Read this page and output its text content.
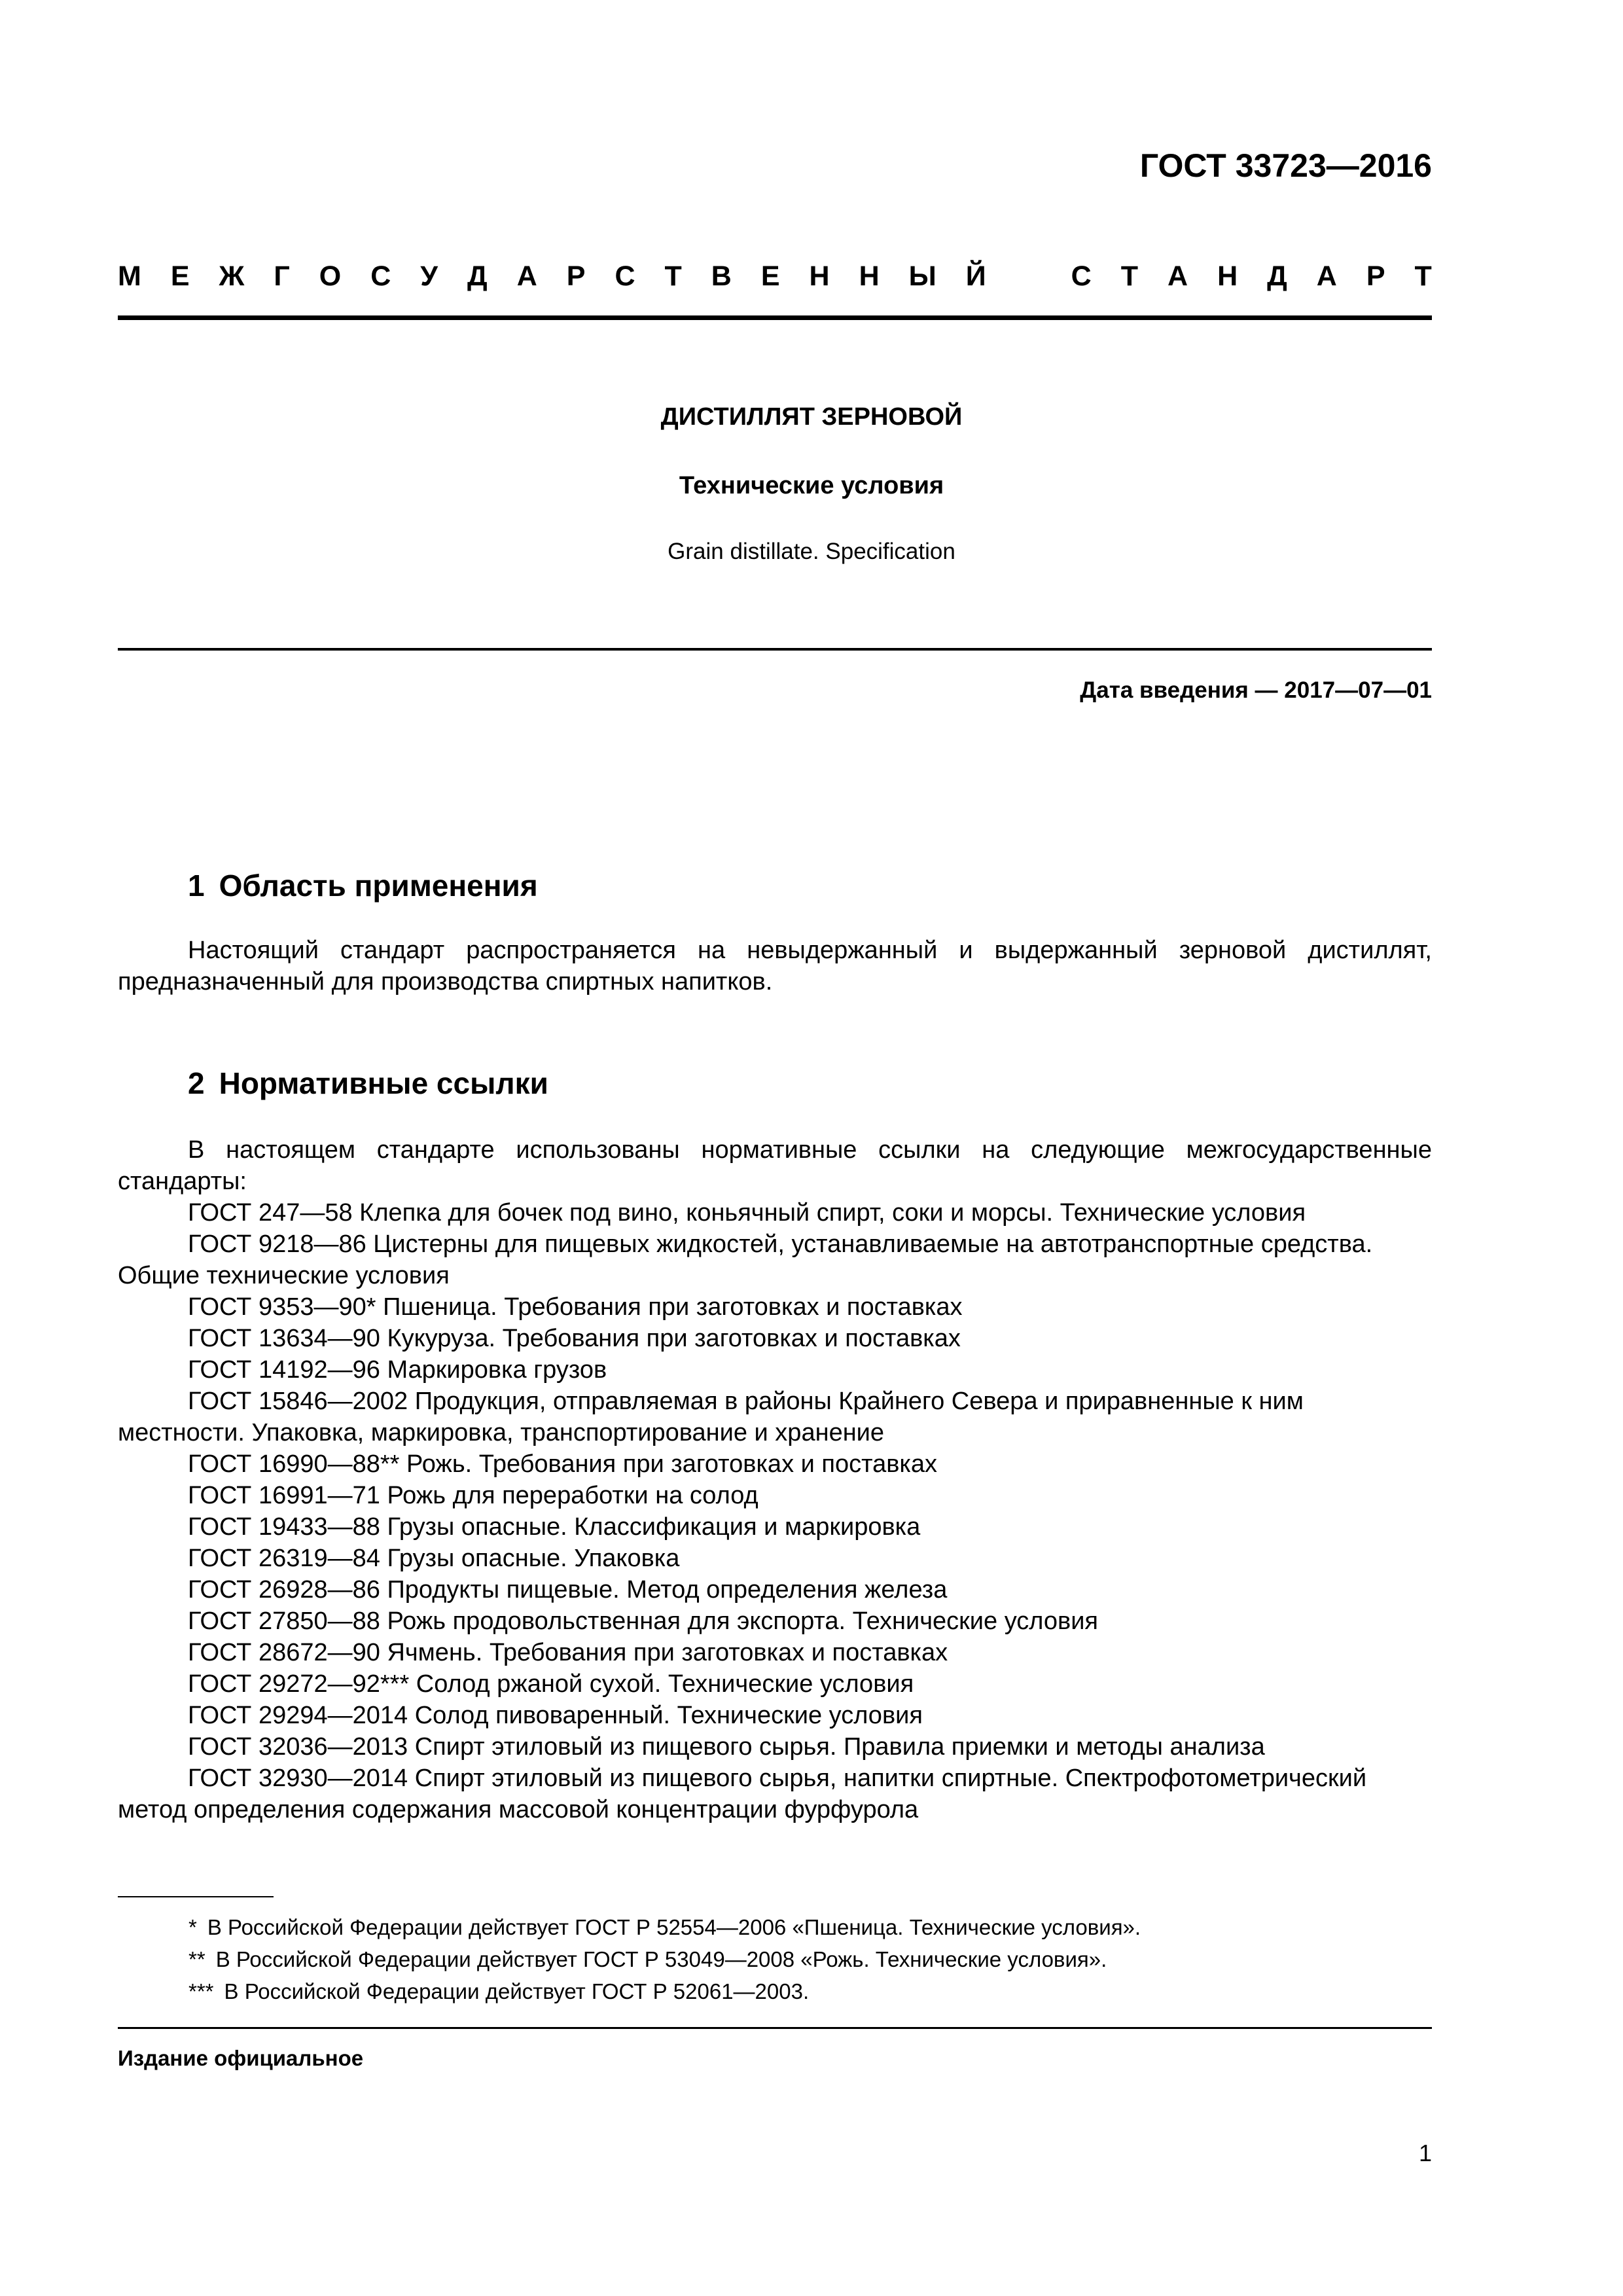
ГОСТ 33723—2016
М Е Ж Г О С У Д А Р С Т В Е Н Н Ы Й	С Т А Н Д А Р Т
ДИСТИЛЛЯТ ЗЕРНОВОЙ
Технические условия
Grain distillate. Specification
Дата введения — 2017—07—01
1 Область применения

Настоящий стандарт распространяется на невыдержанный и выдержанный зерновой дистиллят, предназначенный для производства спиртных напитков.

2 Нормативные ссылки

В настоящем стандарте использованы нормативные ссылки на следующие межгосударственные стандарты:

ГОСТ 247—58 Клепка для бочек под вино, коньячный спирт, соки и морсы. Технические условия

ГОСТ 9218—86 Цистерны для пищевых жидкостей, устанавливаемые на автотранспортные средства. Общие технические условия

ГОСТ 9353—90* Пшеница. Требования при заготовках и поставках

ГОСТ 13634—90 Кукуруза. Требования при заготовках и поставках

ГОСТ 14192—96 Маркировка грузов

ГОСТ 15846—2002 Продукция, отправляемая в районы Крайнего Севера и приравненные к ним местности. Упаковка, маркировка, транспортирование и хранение

ГОСТ 16990—88** Рожь. Требования при заготовках и поставках

ГОСТ 16991—71 Рожь для переработки на солод

ГОСТ 19433—88 Грузы опасные. Классификация и маркировка

ГОСТ 26319—84 Грузы опасные. Упаковка

ГОСТ 26928—86 Продукты пищевые. Метод определения железа

ГОСТ 27850—88 Рожь продовольственная для экспорта. Технические условия

ГОСТ 28672—90 Ячмень. Требования при заготовках и поставках

ГОСТ 29272—92*** Солод ржаной сухой. Технические условия

ГОСТ 29294—2014 Солод пивоваренный. Технические условия

ГОСТ 32036—2013 Спирт этиловый из пищевого сырья. Правила приемки и методы анализа

ГОСТ 32930—2014 Спирт этиловый из пищевого сырья, напитки спиртные. Спектрофотометрический метод определения содержания массовой концентрации фурфурола

* В Российской Федерации действует ГОСТ Р 52554—2006 «Пшеница. Технические условия».

** В Российской Федерации действует ГОСТ Р 53049—2008 «Рожь. Технические условия».

*** В Российской Федерации действует ГОСТ Р 52061—2003.

Издание официальное
1
